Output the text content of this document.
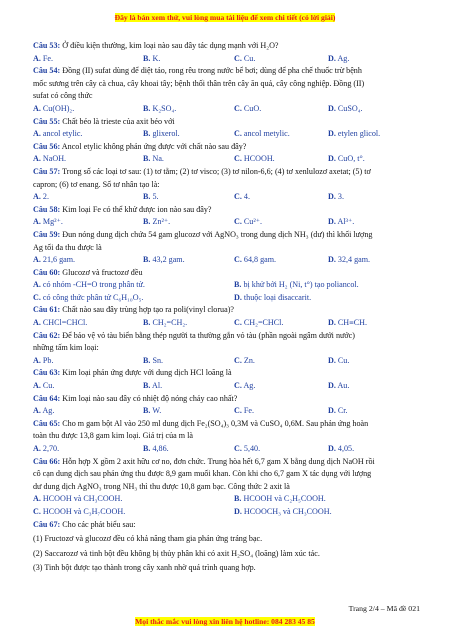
Đây là bản xem thử, vui lòng mua tài liệu để xem chi tiết (có lời giải)
Câu 53: Ở điều kiện thường, kim loại nào sau đây tác dụng mạnh với H₂O?
A. Fe.	B. K.	C. Cu.	D. Ag.
Câu 54: Đồng (II) sufat dùng để diệt tảo, rong rêu trong nước bể bơi; dùng để pha chế thuốc trừ bệnh
mốc sương trên cây cà chua, cây khoai tây; bệnh thối thân trên cây ăn quả, cây công nghiệp. Đồng (II)
sufat có công thức
A. Cu(OH)₂.	B. K₂SO₄.	C. CuO.	D. CuSO₄.
Câu 55: Chất béo là trieste của axit béo với
A. ancol etylic.	B. glixerol.	C. ancol metylic.	D. etylen glicol.
Câu 56: Ancol etylic không phản ứng được với chất nào sau đây?
A. NaOH.	B. Na.	C. HCOOH.	D. CuO, t°.
Câu 57: Trong số các loại tơ sau: (1) tơ tằm; (2) tơ visco; (3) tơ nilon-6,6; (4) tơ xenlulozơ axetat; (5) tơ
capron; (6) tơ enang. Số tơ nhân tạo là:
A. 2.	B. 5.	C. 4.	D. 3.
Câu 58: Kim loại Fe có thể khử được ion nào sau đây?
A. Mg²⁺.	B. Zn²⁺.	C. Cu²⁺.	D. Al³⁺.
Câu 59: Đun nóng dung dịch chứa 54 gam glucozơ với AgNO₃ trong dung dịch NH₃ (dư) thì khối lượng
Ag tối đa thu được là
A. 21,6 gam.	B. 43,2 gam.	C. 64,8 gam.	D. 32,4 gam.
Câu 60: Glucozơ và fructozơ đều
A. có nhóm -CH=O trong phân tử.	B. bị khử bởi H₂ (Ni, t°) tạo poliancol.
C. có công thức phân tử C₆H₁₀O₅.	D. thuộc loại đisaccarit.
Câu 61: Chất nào sau đây trùng hợp tạo ra poli(vinyl clorua)?
A. CHCl=CHCl.	B. CH₂=CH₂.	C. CH₂=CHCl.	D. CH≡CH.
Câu 62: Để bảo vệ vỏ tàu biển bằng thép người ta thường gắn vỏ tàu (phần ngoài ngâm dưới nước)
những tấm kim loại:
A. Pb.	B. Sn.	C. Zn.	D. Cu.
Câu 63: Kim loại phản ứng được với dung dịch HCl loãng là
A. Cu.	B. Al.	C. Ag.	D. Au.
Câu 64: Kim loại nào sau đây có nhiệt độ nóng chảy cao nhất?
A. Ag.	B. W.	C. Fe.	D. Cr.
Câu 65: Cho m gam bột Al vào 250 ml dung dịch Fe₂(SO₄)₃ 0,3M và CuSO₄ 0,6M. Sau phản ứng hoàn
toàn thu được 13,8 gam kim loại. Giá trị của m là
A. 2,70.	B. 4,86.	C. 5,40.	D. 4,05.
Câu 66: Hỗn hợp X gồm 2 axit hữu cơ no, đơn chức. Trung hòa hết 6,7 gam X bằng dung dịch NaOH rồi
cô cạn dung dịch sau phản ứng thu được 8,9 gam muối khan. Còn khi cho 6,7 gam X tác dụng với lượng
dư dung dịch AgNO₃ trong NH₃ thì thu được 10,8 gam bạc. Công thức 2 axit là
A. HCOOH và CH₃COOH.	B. HCOOH và C₂H₅COOH.
C. HCOOH và C₃H₇COOH.	D. HCOOCH₃ và CH₃COOH.
Câu 67: Cho các phát biểu sau:
(1) Fructozơ và glucozơ đều có khả năng tham gia phản ứng tráng bạc.
(2) Saccarozơ và tinh bột đều không bị thủy phân khi có axit H₂SO₄ (loãng) làm xúc tác.
(3) Tinh bột được tạo thành trong cây xanh nhờ quá trình quang hợp.
Trang 2/4 – Mã đề 021
Mọi thắc mắc vui lòng xin liên hệ hotline: 084 283 45 85
